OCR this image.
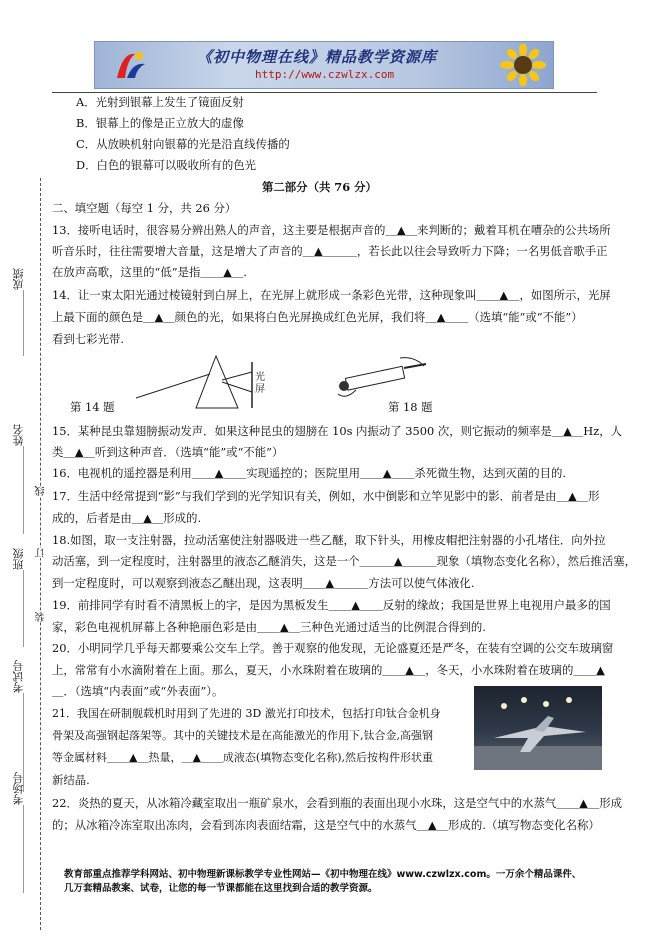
《初中物理在线》精品教学资源库
http://www.czwlzx.com
A．光射到银幕上发生了镜面反射
B．银幕上的像是正立放大的虚像
C．从放映机射向银幕的光是沿直线传播的
D．白色的银幕可以吸收所有的色光
第二部分（共 76 分）
二、填空题（每空 1 分，共 26 分）
13．接听电话时，很容易分辨出熟人的声音，这主要是根据声音的＿▲＿来判断的；戴着耳机在嘈杂的公共场所
听音乐时，往往需要增大音量，这是增大了声音的＿▲＿＿＿，若长此以往会导致听力下降；一名男低音歌手正
在放声高歌，这里的“低”是指＿＿▲＿.
14．让一束太阳光通过棱镜射到白屏上，在光屏上就形成一条彩色光带，这种现象叫＿＿▲＿，如图所示，光屏
上最下面的颜色是＿▲＿颜色的光，如果将白色光屏换成红色光屏，我们将＿▲＿＿（选填“能”或“不能”）
看到七彩光带.
光屏
第 14 题	第 18 题
15．某种昆虫靠翅膀振动发声．如果这种昆虫的翅膀在 10s 内振动了 3500 次，则它振动的频率是＿▲＿Hz，人
类＿▲＿听到这种声音．（选填“能”或“不能”）
16．电视机的遥控器是利用＿＿▲＿＿实现遥控的；医院里用＿＿▲＿＿杀死微生物，达到灭菌的目的.
17．生活中经常提到“影”与我们学到的光学知识有关，例如，水中倒影和立竿见影中的影．前者是由＿▲＿形
成的，后者是由＿▲＿形成的.
18.如图，取一支注射器，拉动活塞使注射器吸进一些乙醚，取下针头，用橡皮帽把注射器的小孔堵住．向外拉
动活塞，到一定程度时，注射器里的液态乙醚消失，这是一个＿＿＿▲＿＿＿现象（填物态变化名称），然后推活塞，
到一定程度时，可以观察到液态乙醚出现，这表明＿＿▲＿＿＿方法可以使气体液化.
19．前排同学有时看不清黑板上的字，是因为黑板发生＿＿▲＿＿反射的缘故；我国是世界上电视用户最多的国
家，彩色电视机屏幕上各种艳丽色彩是由＿＿▲＿三种色光通过适当的比例混合得到的.
20．小明同学几乎每天都要乘公交车上学。善于观察的他发现，无论盛夏还是严冬，在装有空调的公交车玻璃窗
上，常常有小水滴附着在上面。那么，夏天，小水珠附着在玻璃的＿＿▲＿，冬天，小水珠附着在玻璃的＿＿▲
＿．（选填“内表面”或“外表面”）。
21．我国在研制舰载机时用到了先进的 3D 激光打印技术，包括打印钛合金机身
骨架及高强钢起落架等。其中的关键技术是在高能激光的作用下,钛合金,高强钢
等金属材料＿＿▲＿热量，＿▲＿＿成液态(填物态变化名称),然后按构件形状重
新结晶.
22．炎热的夏天，从冰箱冷藏室取出一瓶矿泉水，会看到瓶的表面出现小水珠，这是空气中的水蒸气＿＿▲＿形成
的；从冰箱冷冻室取出冻肉，会看到冻肉表面结霜，这是空气中的水蒸气＿▲＿形成的.（填写物态变化名称）
＿＿＿＿＿＿成绩
＿＿＿＿＿＿＿＿姓名
＿＿＿＿＿＿＿班级
＿＿＿＿＿＿＿＿＿考试号
＿＿＿＿＿＿＿＿考场号
线
订
装
教育部重点推荐学科网站、初中物理新课标教学专业性网站—《初中物理在线》www.czwlzx.com。一万余个精品课件、
几万套精品教案、试卷，让您的每一节课都能在这里找到合适的教学资源。
